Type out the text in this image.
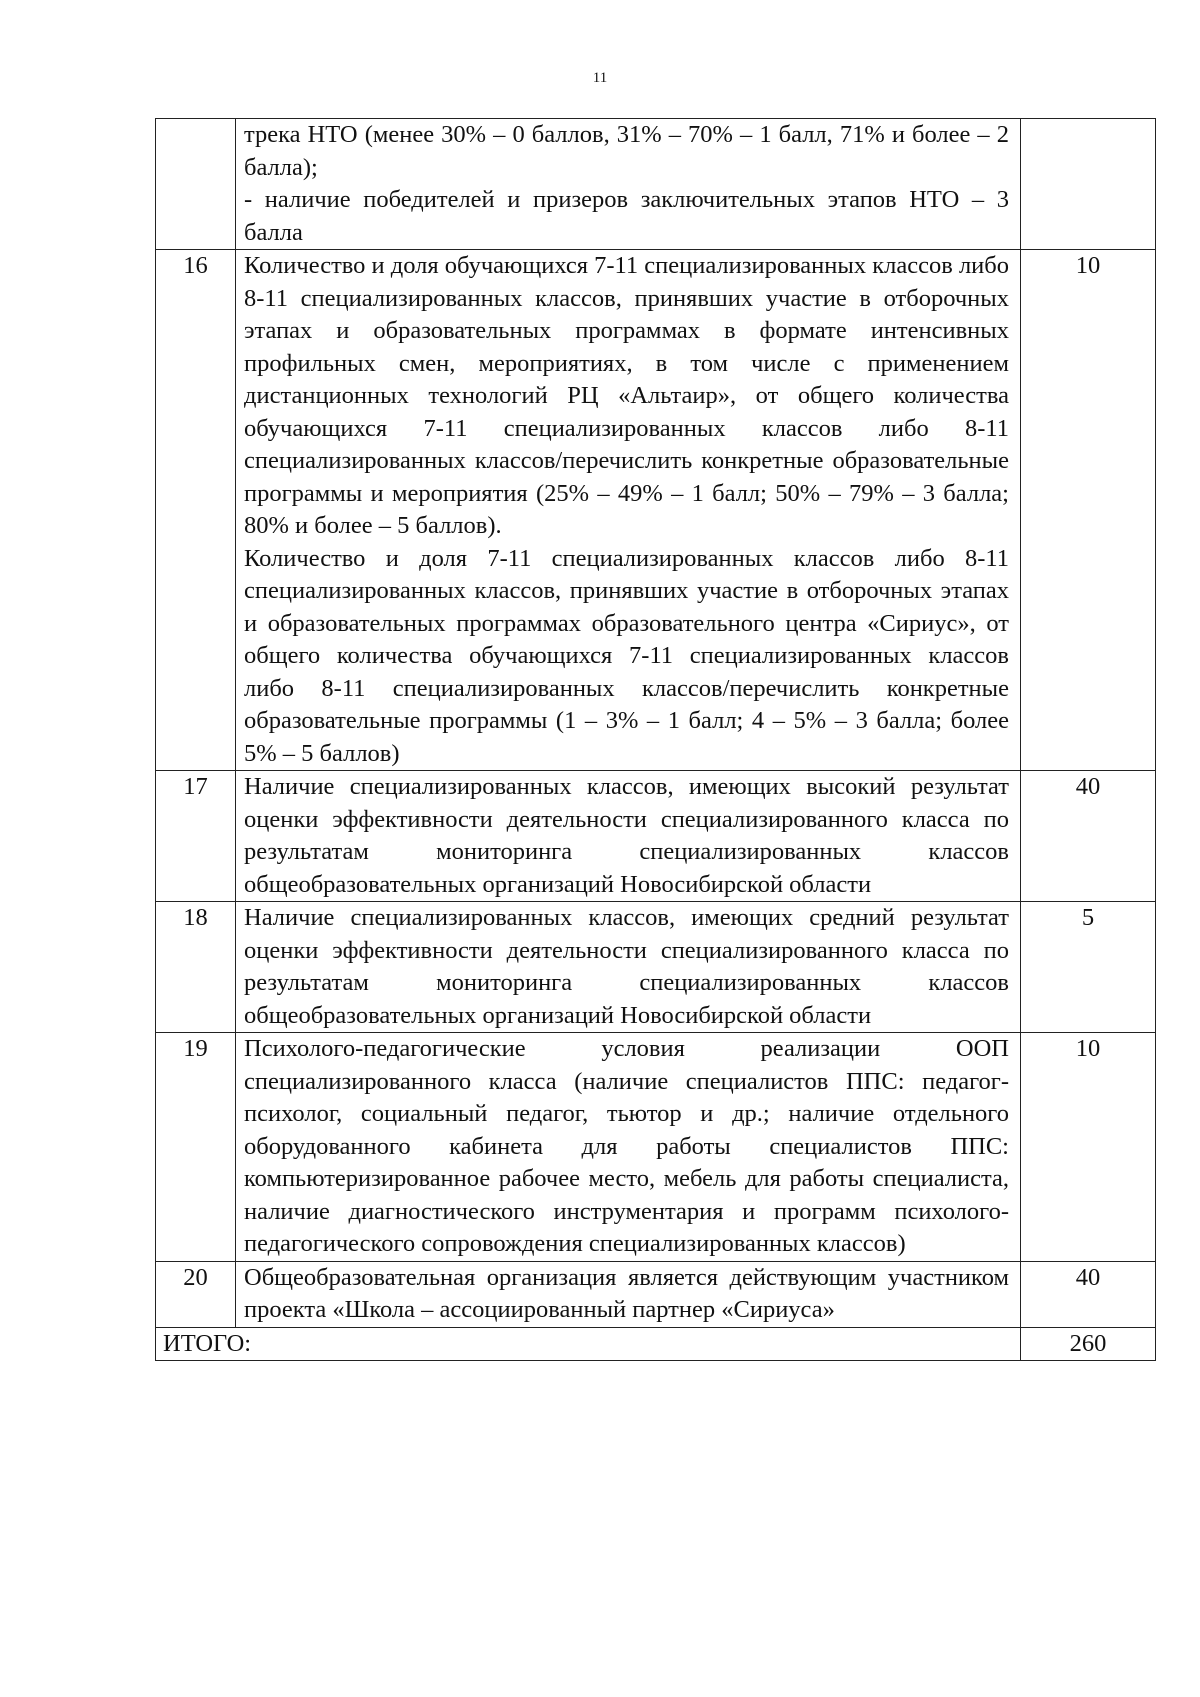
11

	трека НТО (менее 30% – 0 баллов, 31% – 70% – 1 балл, 71% и более – 2 балла);
- наличие победителей и призеров заключительных этапов НТО – 3 балла	

16	Количество и доля обучающихся 7-11 специализированных классов либо 8-11 специализированных классов, принявших участие в отборочных этапах и образовательных программах в формате интенсивных профильных смен, мероприятиях, в том числе с применением дистанционных технологий РЦ «Альтаир», от общего количества обучающихся 7-11 специализированных классов либо 8-11 специализированных классов/перечислить конкретные образовательные программы и мероприятия (25% – 49% – 1 балл; 50% – 79% – 3 балла; 80% и более – 5 баллов).
Количество и доля 7-11 специализированных классов либо 8-11 специализированных классов, принявших участие в отборочных этапах и образовательных программах образовательного центра «Сириус», от общего количества обучающихся 7-11 специализированных классов либо 8-11 специализированных классов/перечислить конкретные образовательные программы (1 – 3% – 1 балл; 4 – 5% – 3 балла; более 5% – 5 баллов)	10
17	Наличие специализированных классов, имеющих высокий результат оценки эффективности деятельности специализированного класса по результатам мониторинга специализированных классов общеобразовательных организаций Новосибирской области	40
18	Наличие специализированных классов, имеющих средний результат оценки эффективности деятельности специализированного класса по результатам мониторинга специализированных классов общеобразовательных организаций Новосибирской области	5
19	Психолого-педагогические условия реализации ООП специализированного класса (наличие специалистов ППС: педагог-психолог, социальный педагог, тьютор и др.; наличие отдельного оборудованного кабинета для работы специалистов ППС: компьютеризированное рабочее место, мебель для работы специалиста, наличие диагностического инструментария и программ психолого-педагогического сопровождения специализированных классов)	10
20	Общеобразовательная организация является действующим участником проекта «Школа – ассоциированный партнер «Сириуса»	40
ИТОГО:		260
